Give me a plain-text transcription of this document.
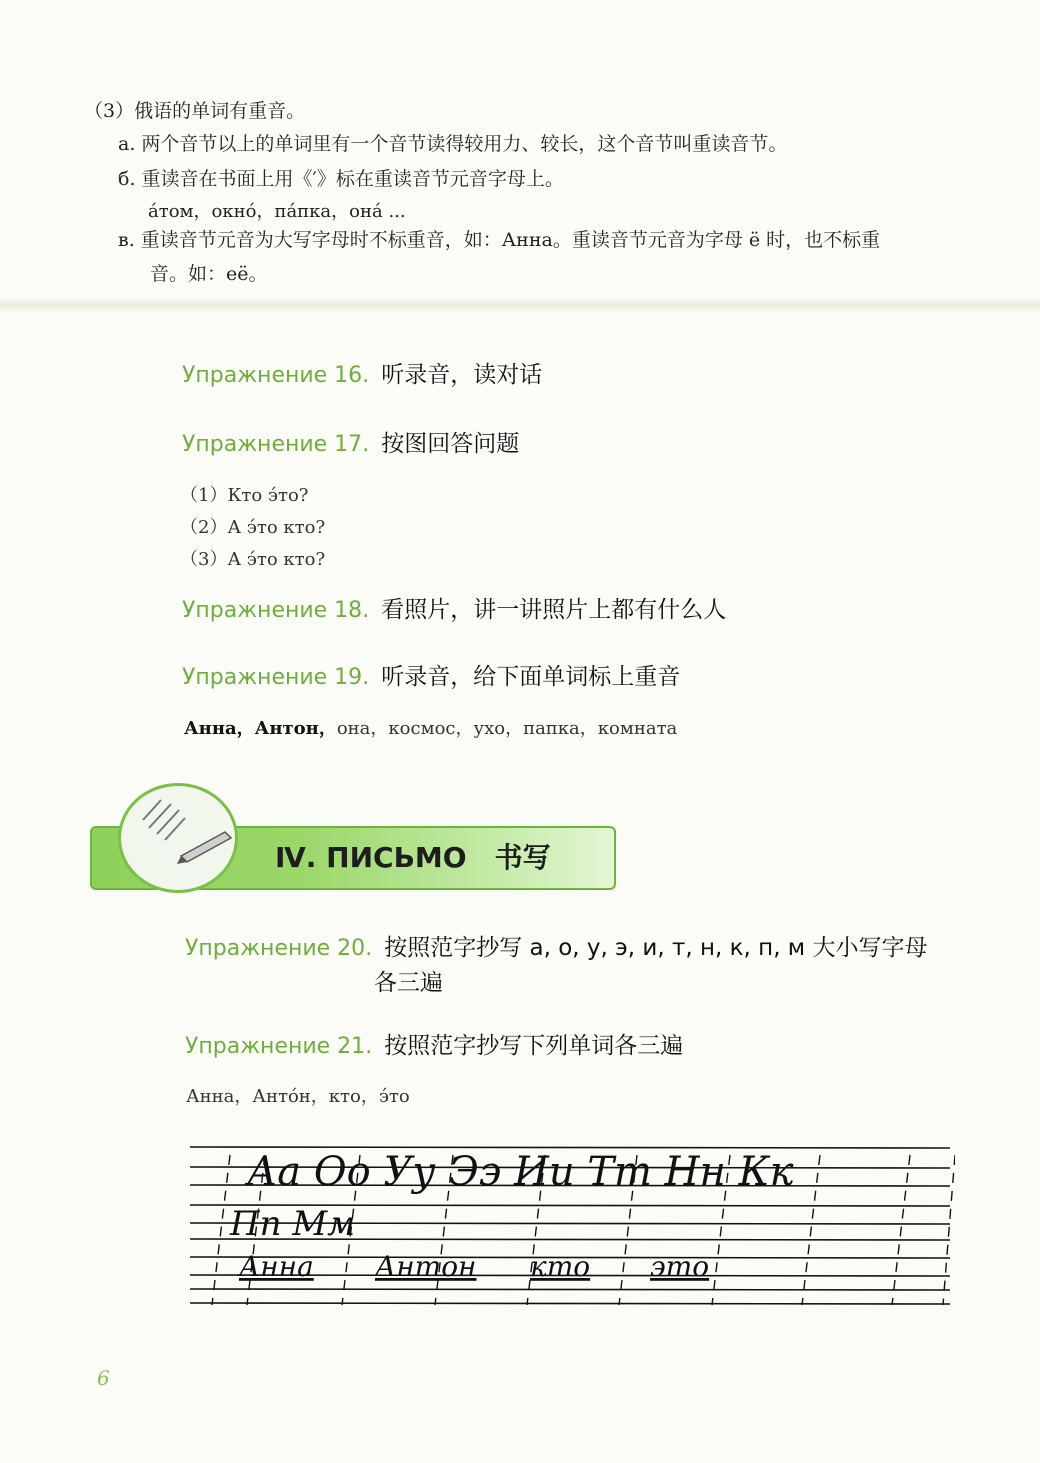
（3）俄语的单词有重音。
a. 两个音节以上的单词里有一个音节读得较用力、较长，这个音节叫重读音节。
б. 重读音在书面上用《′》标在重读音节元音字母上。
áтом，окнó，пáпка，онá ...
в. 重读音节元音为大写字母时不标重音，如：Анна。重读音节元音为字母 ё 时，也不标重
音。如：её。
Упражнение 16 . 听录音，读对话
Упражнение 17 . 按图回答问题
（1）Кто э́то?
（2）А э́то кто?
（3）А э́то кто?
Упражнение 18 . 看照片，讲一讲照片上都有什么人
Упражнение 19 . 听录音，给下面单词标上重音
Анна，Антон，она，космос，ухо，папка，комната
Ⅳ. ПИСЬМО　书写
Упражнение 20 . 按照范字抄写 а, о, у, э, и, т, н, к, п, м 大小写字母
各三遍
Упражнение 21 . 按照范字抄写下列单词各三遍
Анна，Антóн，кто，э́то
Аа Оо Уу Ээ Ии Тт Нн Кк
Пп Мм
Анна Антон кто это
6
